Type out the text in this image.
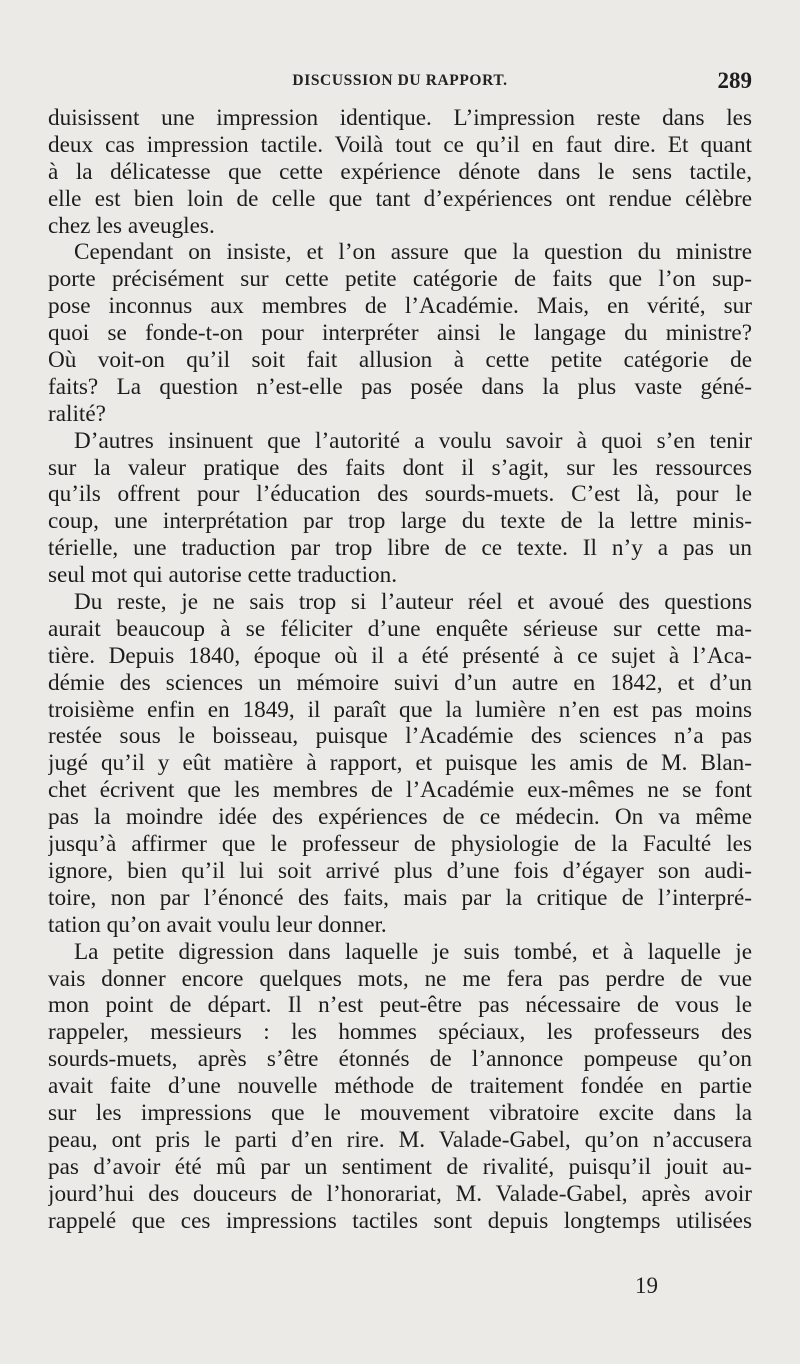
DISCUSSION DU RAPPORT.	289
duisissent une impression identique. L’impression reste dans les
deux cas impression tactile. Voilà tout ce qu’il en faut dire. Et quant
à la délicatesse que cette expérience dénote dans le sens tactile,
elle est bien loin de celle que tant d’expériences ont rendue célèbre
chez les aveugles.
Cependant on insiste, et l’on assure que la question du ministre
porte précisément sur cette petite catégorie de faits que l’on sup-
pose inconnus aux membres de l’Académie. Mais, en vérité, sur
quoi se fonde-t-on pour interpréter ainsi le langage du ministre?
Où voit-on qu’il soit fait allusion à cette petite catégorie de
faits? La question n’est-elle pas posée dans la plus vaste géné-
ralité?
D’autres insinuent que l’autorité a voulu savoir à quoi s’en tenir
sur la valeur pratique des faits dont il s’agit, sur les ressources
qu’ils offrent pour l’éducation des sourds-muets. C’est là, pour le
coup, une interprétation par trop large du texte de la lettre minis-
térielle, une traduction par trop libre de ce texte. Il n’y a pas un
seul mot qui autorise cette traduction.
Du reste, je ne sais trop si l’auteur réel et avoué des questions
aurait beaucoup à se féliciter d’une enquête sérieuse sur cette ma-
tière. Depuis 1840, époque où il a été présenté à ce sujet à l’Aca-
démie des sciences un mémoire suivi d’un autre en 1842, et d’un
troisième enfin en 1849, il paraît que la lumière n’en est pas moins
restée sous le boisseau, puisque l’Académie des sciences n’a pas
jugé qu’il y eût matière à rapport, et puisque les amis de M. Blan-
chet écrivent que les membres de l’Académie eux-mêmes ne se font
pas la moindre idée des expériences de ce médecin. On va même
jusqu’à affirmer que le professeur de physiologie de la Faculté les
ignore, bien qu’il lui soit arrivé plus d’une fois d’égayer son audi-
toire, non par l’énoncé des faits, mais par la critique de l’interpré-
tation qu’on avait voulu leur donner.
La petite digression dans laquelle je suis tombé, et à laquelle je
vais donner encore quelques mots, ne me fera pas perdre de vue
mon point de départ. Il n’est peut-être pas nécessaire de vous le
rappeler, messieurs : les hommes spéciaux, les professeurs des
sourds-muets, après s’être étonnés de l’annonce pompeuse qu’on
avait faite d’une nouvelle méthode de traitement fondée en partie
sur les impressions que le mouvement vibratoire excite dans la
peau, ont pris le parti d’en rire. M. Valade-Gabel, qu’on n’accusera
pas d’avoir été mû par un sentiment de rivalité, puisqu’il jouit au-
jourd’hui des douceurs de l’honorariat, M. Valade-Gabel, après avoir
rappelé que ces impressions tactiles sont depuis longtemps utilisées
19
